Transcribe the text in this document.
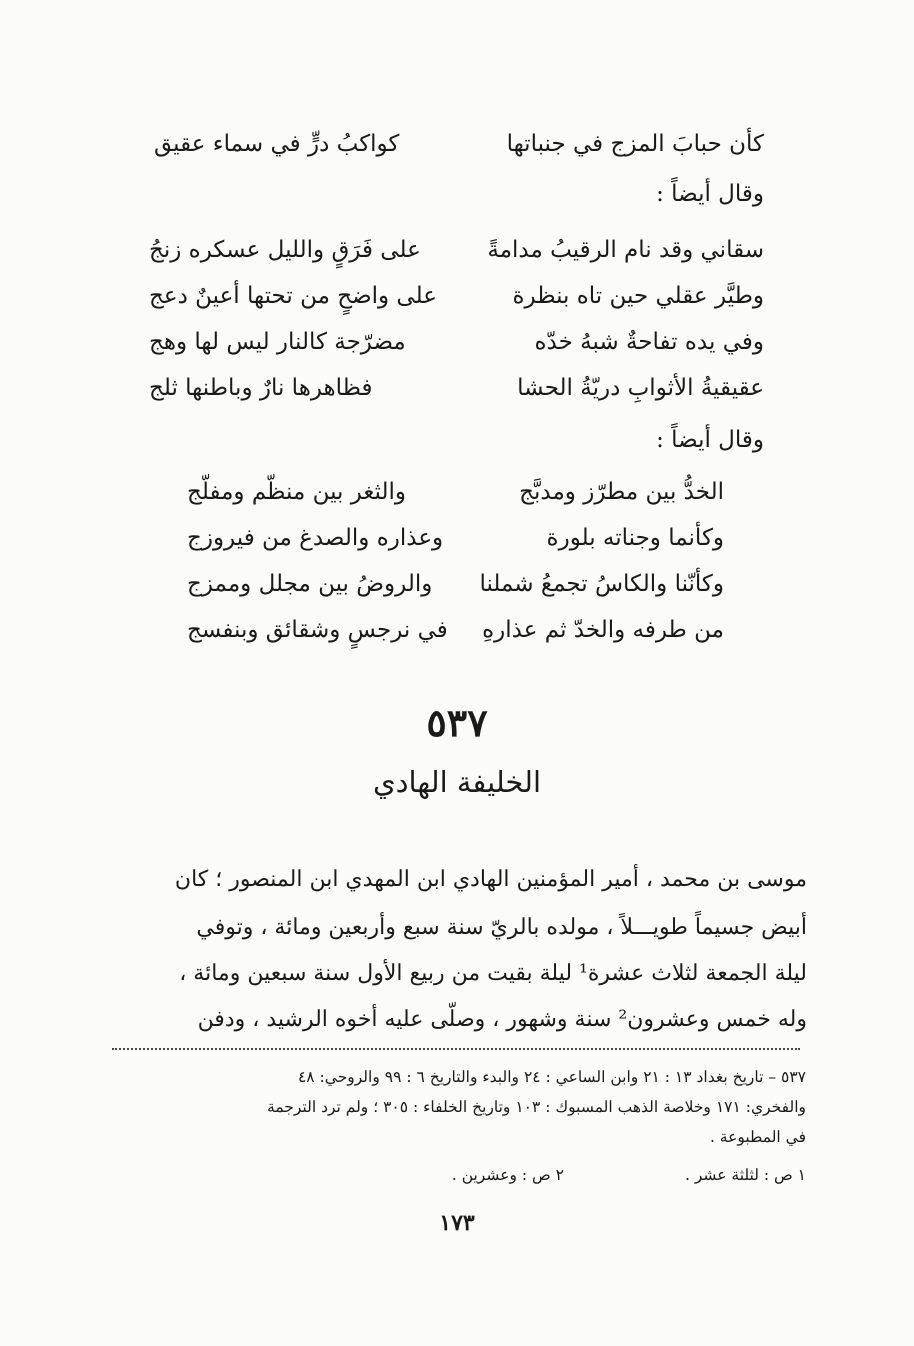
كأن حبابَ المزج في جنباتها
كواكبُ درٍّ في سماء عقيق
وقال أيضاً :
سقاني وقد نام الرقيبُ مدامةً
على فَرَقٍ والليل عسكره زنجُ
وطيَّر عقلي حين تاه بنظرة
على واضحٍ من تحتها أعينٌ دعج
وفي يده تفاحةٌ شبهُ خدّه
مضرّجة كالنار ليس لها وهج
عقيقيةُ الأثوابِ دريّةُ الحشا
فظاهرها نارٌ وباطنها ثلج
وقال أيضاً :
الخدُّ بين مطرّز ومدبَّج
والثغر بين منظّم ومفلّج
وكأنما وجناته بلورة
وعذاره والصدغ من فيروزج
وكأنّنا والكاسُ تجمعُ شملنا
والروضُ بين مجلل وممزج
من طرفه والخدّ ثم عذارهِ
في نرجسٍ وشقائق وبنفسج
٥٣٧
الخليفة الهادي
موسى بن محمد ، أمير المؤمنين الهادي ابن المهدي ابن المنصور ؛ كان
أبيض جسيماً طويـــلاً ، مولده بالريّ سنة سبع وأربعين ومائة ، وتوفي
ليلة الجمعة لثلاث عشرة¹ ليلة بقيت من ربيع الأول سنة سبعين ومائة ،
وله خمس وعشرون² سنة وشهور ، وصلّى عليه أخوه الرشيد ، ودفن
٥٣٧ – تاريخ بغداد ١٣ : ٢١ وابن الساعي : ٢٤ والبدء والتاريخ ٦ : ٩٩ والروحي: ٤٨
والفخري: ١٧١ وخلاصة الذهب المسبوك : ١٠٣ وتاريخ الخلفاء : ٣٠٥ ؛ ولم ترد الترجمة
في المطبوعة .
١ ص : لثلثة عشر .
٢ ص : وعشرين .
١٧٣
